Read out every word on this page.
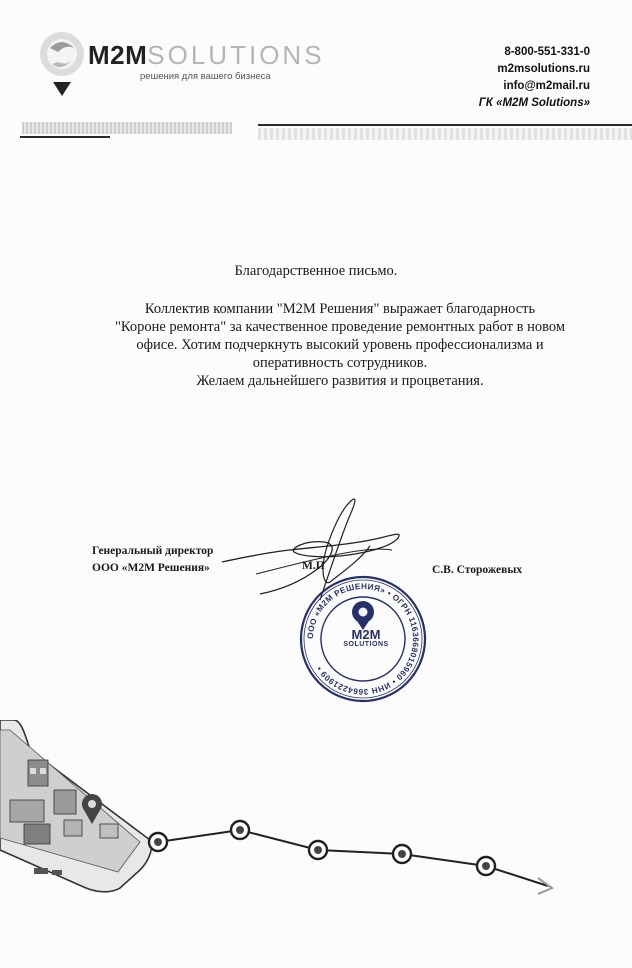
M2MSOLUTIONS
решения для вашего бизнеса
8-800-551-331-0
m2msolutions.ru
info@m2mail.ru
ГК «M2M Solutions»
Благодарственное письмо.
Коллектив компании "М2М Решения" выражает благодарность
"Короне ремонта" за качественное проведение ремонтных работ в новом
офисе. Хотим подчеркнуть высокий уровень профессионализма и
оперативность сотрудников.
Желаем дальнейшего развития и процветания.
Генеральный директор
ООО «М2М Решения»	М.П	С.В. Сторожевых
ООО «М2М РЕШЕНИЯ» • ОГРН 1163668015960 • ИНН 3664221909 •
M2M
SOLUTIONS
